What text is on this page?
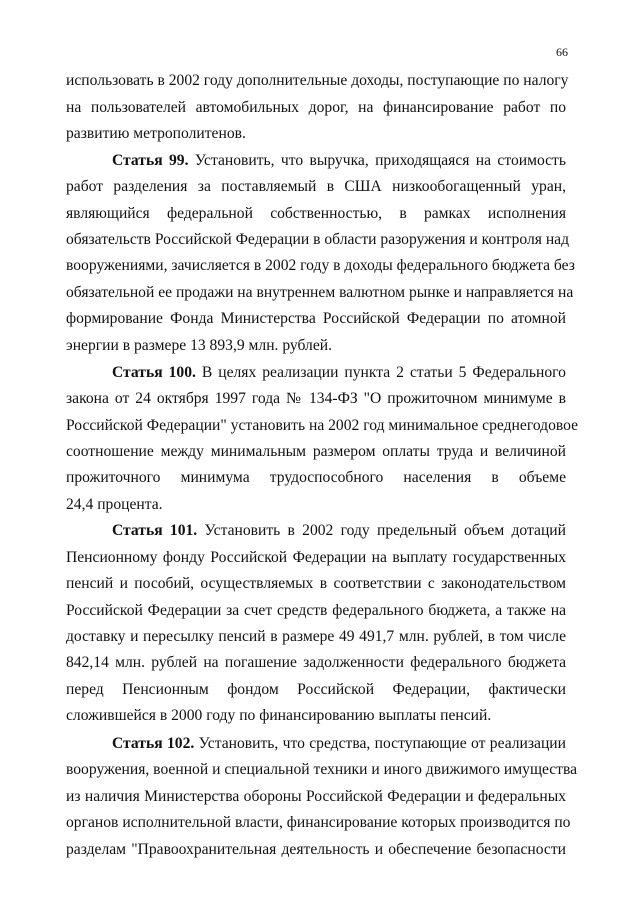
66
использовать в 2002 году дополнительные доходы, поступающие по налогу
на пользователей автомобильных дорог, на финансирование работ по
развитию метрополитенов.
Статья 99. Установить, что выручка, приходящаяся на стоимость
работ разделения за поставляемый в США низкообогащенный уран,
являющийся федеральной собственностью, в рамках исполнения
обязательств Российской Федерации в области разоружения и контроля над
вооружениями, зачисляется в 2002 году в доходы федерального бюджета без
обязательной ее продажи на внутреннем валютном рынке и направляется на
формирование Фонда Министерства Российской Федерации по атомной
энергии в размере 13 893,9 млн. рублей.
Статья 100. В целях реализации пункта 2 статьи 5 Федерального
закона от 24 октября 1997 года № 134-ФЗ "О прожиточном минимуме в
Российской Федерации" установить на 2002 год минимальное среднегодовое
соотношение между минимальным размером оплаты труда и величиной
прожиточного минимума трудоспособного населения в объеме
24,4 процента.
Статья 101. Установить в 2002 году предельный объем дотаций
Пенсионному фонду Российской Федерации на выплату государственных
пенсий и пособий, осуществляемых в соответствии с законодательством
Российской Федерации за счет средств федерального бюджета, а также на
доставку и пересылку пенсий в размере 49 491,7 млн. рублей, в том числе
842,14 млн. рублей на погашение задолженности федерального бюджета
перед Пенсионным фондом Российской Федерации, фактически
сложившейся в 2000 году по финансированию выплаты пенсий.
Статья 102. Установить, что средства, поступающие от реализации
вооружения, военной и специальной техники и иного движимого имущества
из наличия Министерства обороны Российской Федерации и федеральных
органов исполнительной власти, финансирование которых производится по
разделам "Правоохранительная деятельность и обеспечение безопасности
